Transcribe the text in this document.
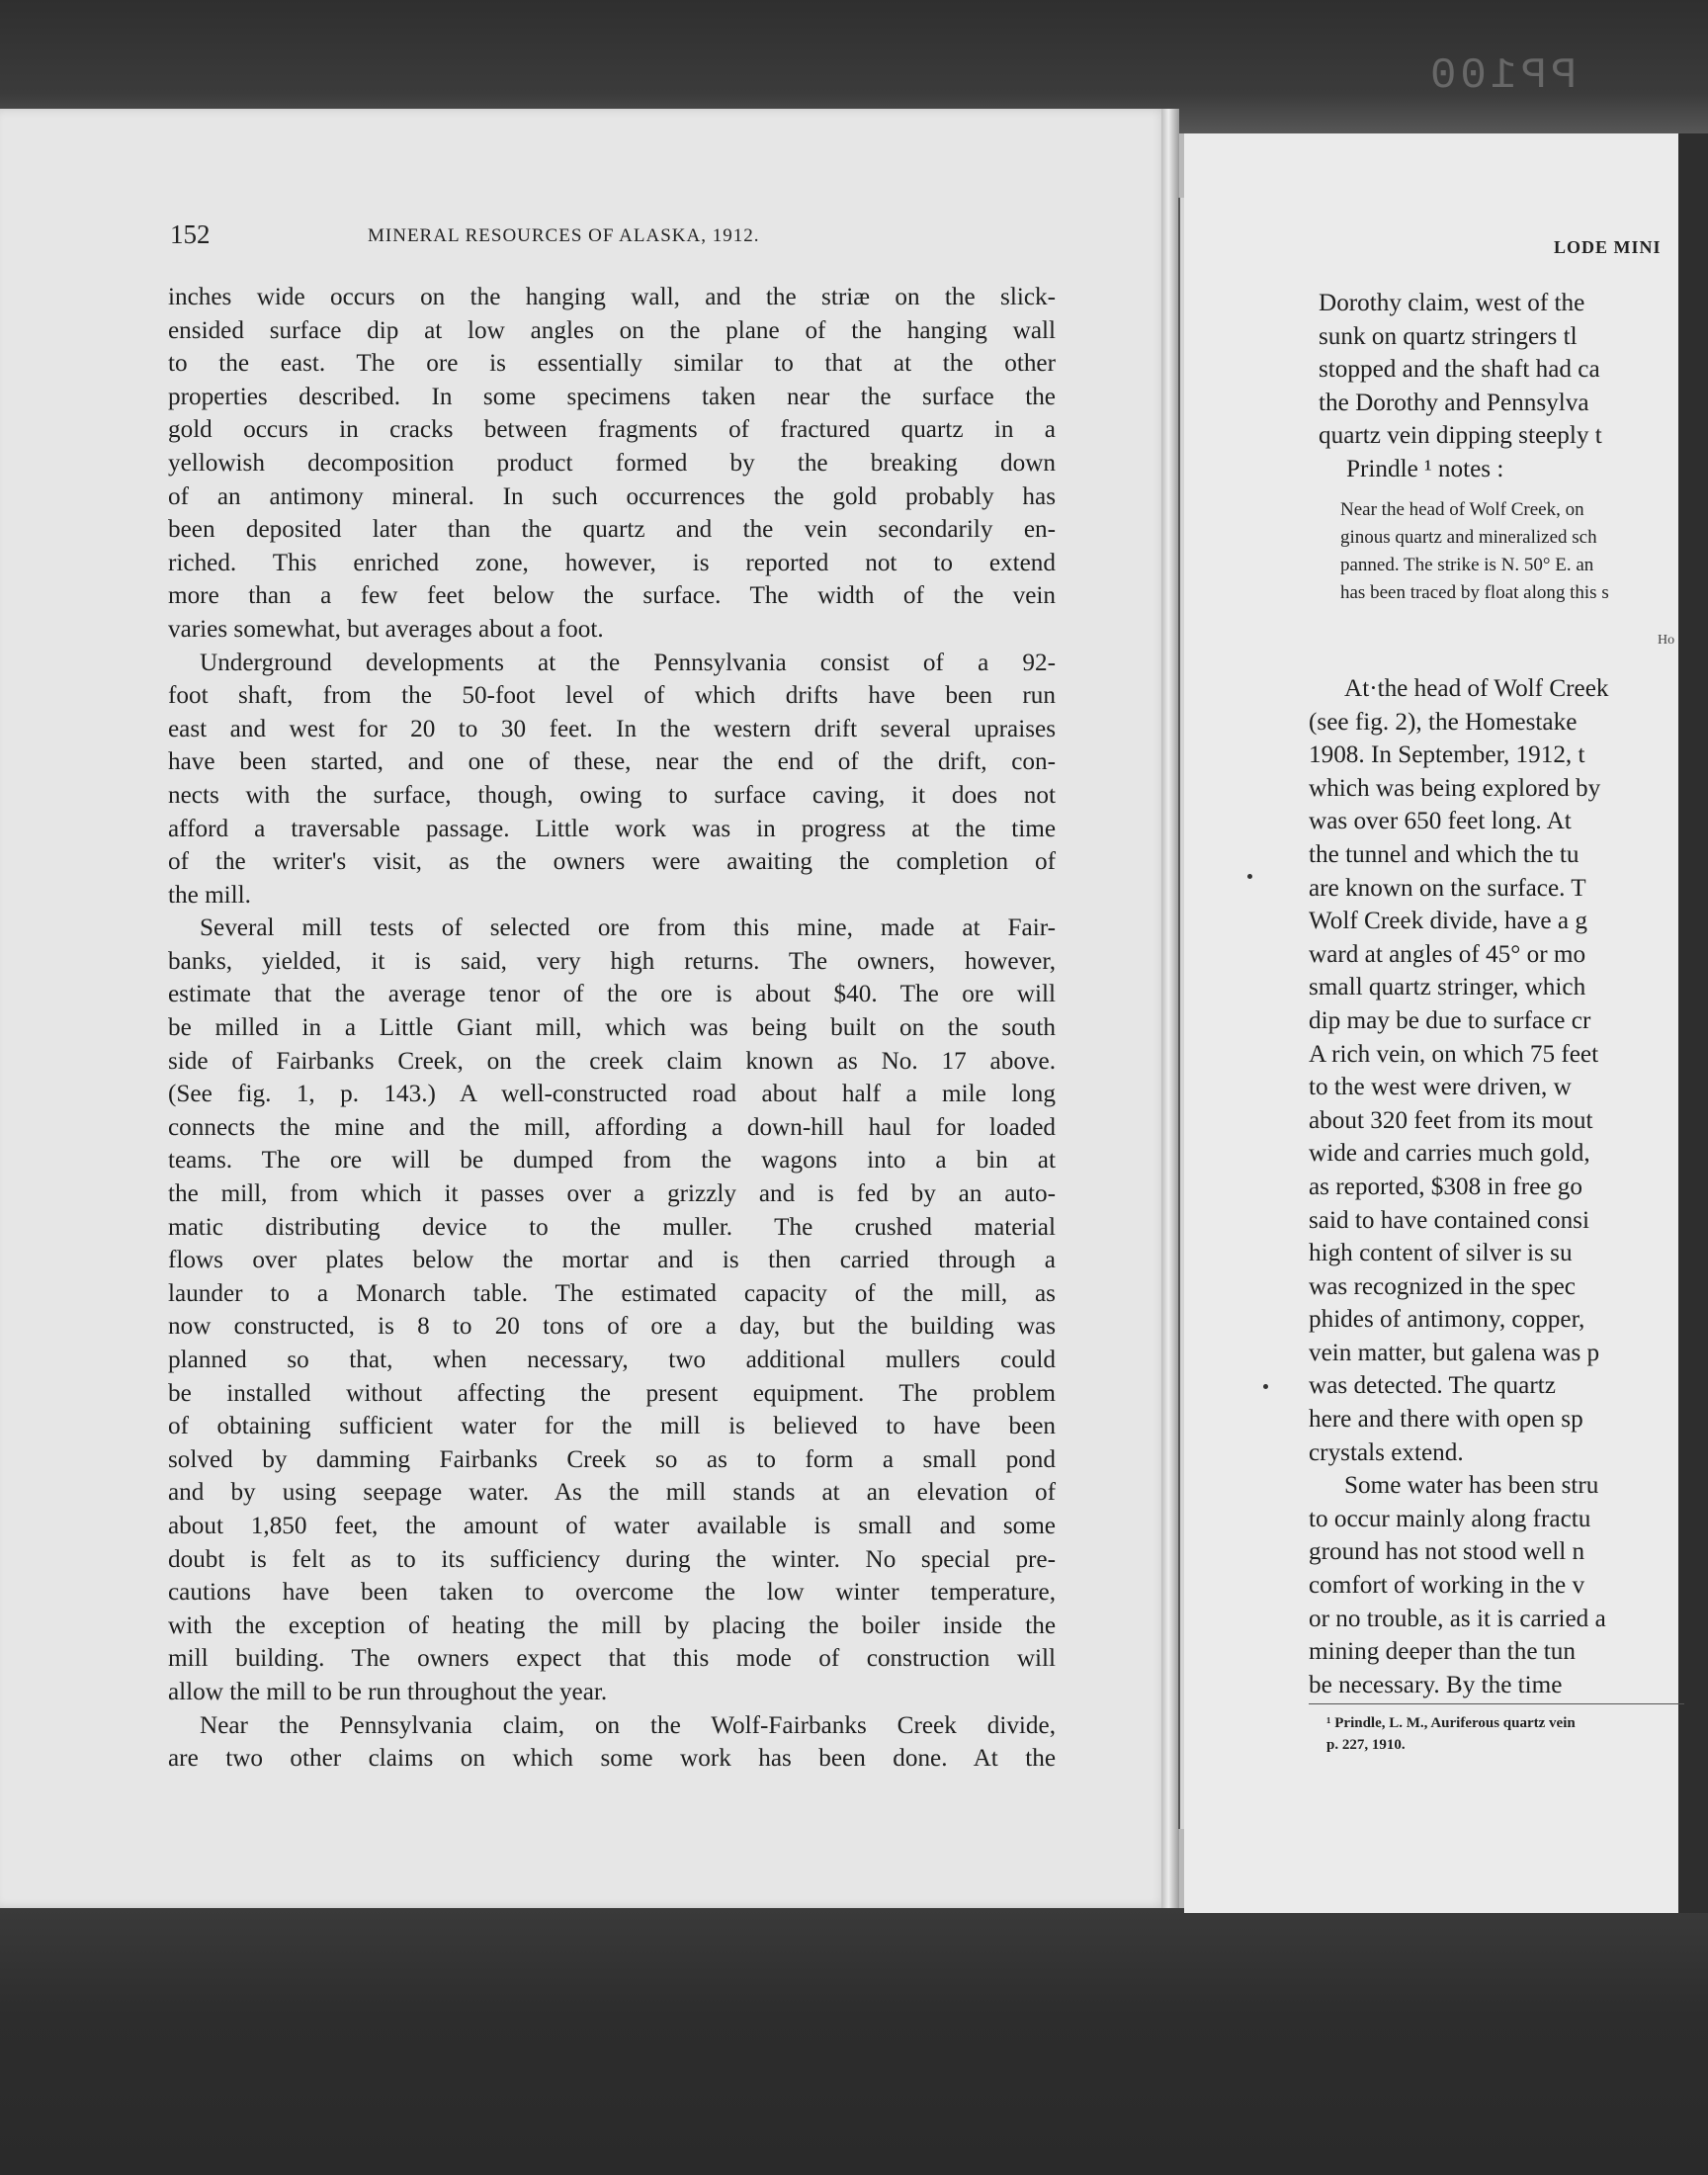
PP100
152	MINERAL RESOURCES OF ALASKA, 1912.
inches wide occurs on the hanging wall, and the striæ on the slick-
ensided surface dip at low angles on the plane of the hanging wall
to the east. The ore is essentially similar to that at the other
properties described. In some specimens taken near the surface the
gold occurs in cracks between fragments of fractured quartz in a
yellowish decomposition product formed by the breaking down
of an antimony mineral. In such occurrences the gold probably has
been deposited later than the quartz and the vein secondarily en-
riched. This enriched zone, however, is reported not to extend
more than a few feet below the surface. The width of the vein
varies somewhat, but averages about a foot.
Underground developments at the Pennsylvania consist of a 92-
foot shaft, from the 50-foot level of which drifts have been run
east and west for 20 to 30 feet. In the western drift several upraises
have been started, and one of these, near the end of the drift, con-
nects with the surface, though, owing to surface caving, it does not
afford a traversable passage. Little work was in progress at the time
of the writer's visit, as the owners were awaiting the completion of
the mill.
Several mill tests of selected ore from this mine, made at Fair-
banks, yielded, it is said, very high returns. The owners, however,
estimate that the average tenor of the ore is about $40. The ore will
be milled in a Little Giant mill, which was being built on the south
side of Fairbanks Creek, on the creek claim known as No. 17 above.
(See fig. 1, p. 143.) A well-constructed road about half a mile long
connects the mine and the mill, affording a down-hill haul for loaded
teams. The ore will be dumped from the wagons into a bin at
the mill, from which it passes over a grizzly and is fed by an auto-
matic distributing device to the muller. The crushed material
flows over plates below the mortar and is then carried through a
launder to a Monarch table. The estimated capacity of the mill, as
now constructed, is 8 to 20 tons of ore a day, but the building was
planned so that, when necessary, two additional mullers could
be installed without affecting the present equipment. The problem
of obtaining sufficient water for the mill is believed to have been
solved by damming Fairbanks Creek so as to form a small pond
and by using seepage water. As the mill stands at an elevation of
about 1,850 feet, the amount of water available is small and some
doubt is felt as to its sufficiency during the winter. No special pre-
cautions have been taken to overcome the low winter temperature,
with the exception of heating the mill by placing the boiler inside the
mill building. The owners expect that this mode of construction will
allow the mill to be run throughout the year.
Near the Pennsylvania claim, on the Wolf-Fairbanks Creek divide,
are two other claims on which some work has been done. At the
LODE MINI
Dorothy claim, west of the
sunk on quartz stringers tl
stopped and the shaft had ca
the Dorothy and Pennsylva
quartz vein dipping steeply t
Prindle ¹ notes :
Near the head of Wolf Creek, on
ginous quartz and mineralized sch
panned. The strike is N. 50° E. an
has been traced by float along this s
Ho
At·the head of Wolf Creek
(see fig. 2), the Homestake
1908. In September, 1912, t
which was being explored by
was over 650 feet long. At
the tunnel and which the tu
are known on the surface. T
Wolf Creek divide, have a g
ward at angles of 45° or mo
small quartz stringer, which
dip may be due to surface cr
A rich vein, on which 75 feet
to the west were driven, w
about 320 feet from its mout
wide and carries much gold,
as reported, $308 in free go
said to have contained consi
high content of silver is su
was recognized in the spec
phides of antimony, copper,
vein matter, but galena was p
was detected. The quartz
here and there with open sp
crystals extend.
Some water has been stru
to occur mainly along fractu
ground has not stood well n
comfort of working in the v
or no trouble, as it is carried a
mining deeper than the tun
be necessary. By the time
¹ Prindle, L. M., Auriferous quartz vein
p. 227, 1910.
